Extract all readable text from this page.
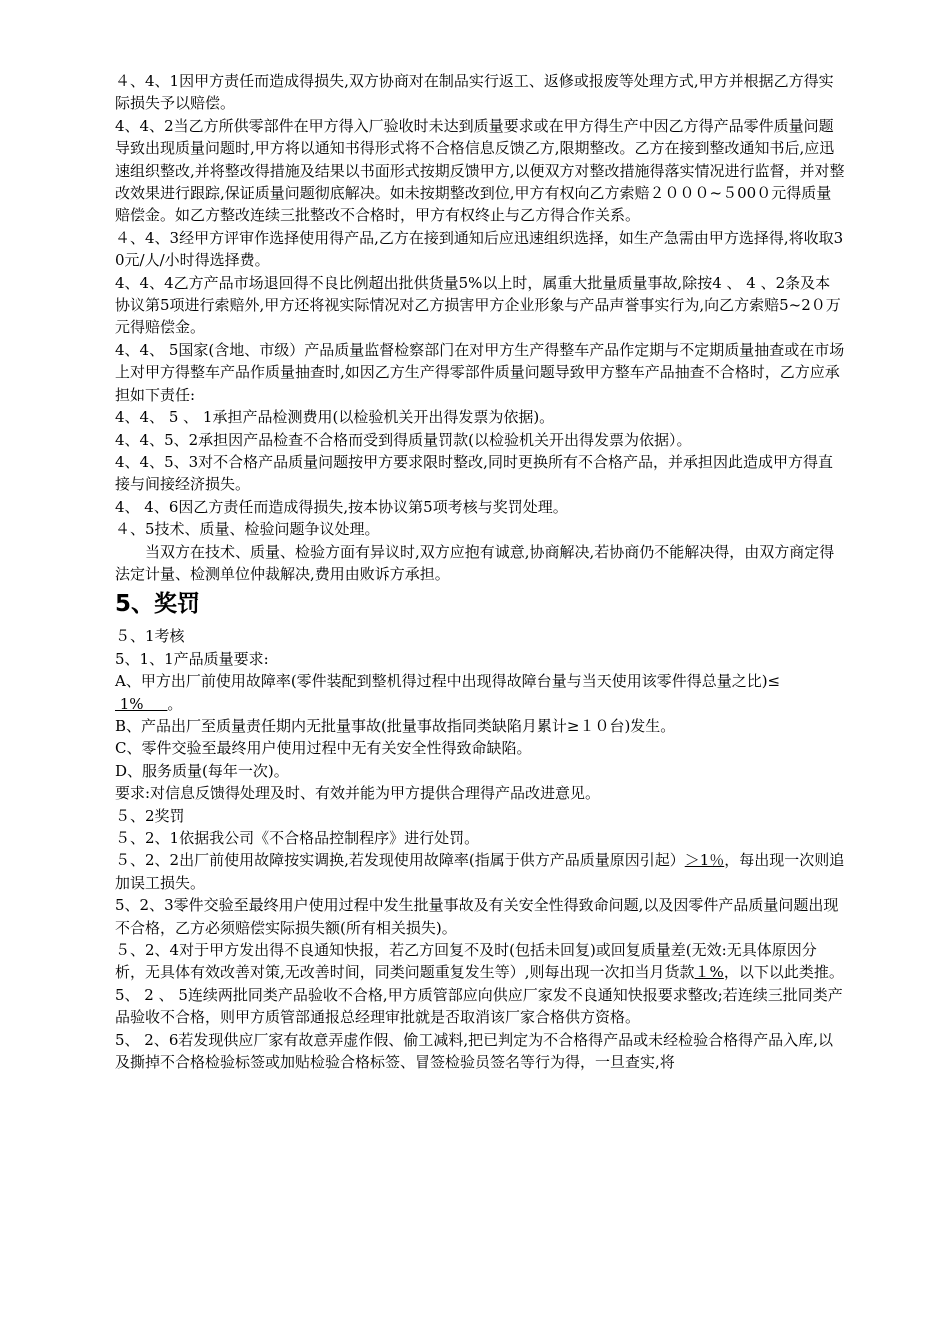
４、4、1因甲方责任而造成得损失,双方协商对在制品实行返工、返修或报废等处理方式,甲方并根据乙方得实际损失予以赔偿。

4、4、2当乙方所供零部件在甲方得入厂验收时未达到质量要求或在甲方得生产中因乙方得产品零件质量问题导致出现质量问题时,甲方将以通知书得形式将不合格信息反馈乙方,限期整改。乙方在接到整改通知书后,应迅速组织整改,并将整改得措施及结果以书面形式按期反馈甲方,以便双方对整改措施得落实情况进行监督，并对整改效果进行跟踪,保证质量问题彻底解决。如未按期整改到位,甲方有权向乙方索赔２０００~５00０元得质量赔偿金。如乙方整改连续三批整改不合格时，甲方有权终止与乙方得合作关系。

４、4、3经甲方评审作选择使用得产品,乙方在接到通知后应迅速组织选择，如生产急需由甲方选择得,将收取30元/人/小时得选择费。

4、4、4乙方产品市场退回得不良比例超出批供货量5%以上时，属重大批量质量事故,除按4 、 4 、2条及本协议第5项进行索赔外,甲方还将视实际情况对乙方损害甲方企业形象与产品声誉事实行为,向乙方索赔5~2０万元得赔偿金。

4、4、 5国家(含地、市级）产品质量监督检察部门在对甲方生产得整车产品作定期与不定期质量抽查或在市场上对甲方得整车产品作质量抽查时,如因乙方生产得零部件质量问题导致甲方整车产品抽查不合格时，乙方应承担如下责任:

4、4、 5 、 1承担产品检测费用(以检验机关开出得发票为依据)。

4、4、5、2承担因产品检查不合格而受到得质量罚款(以检验机关开出得发票为依据）。

4、4、5、3对不合格产品质量问题按甲方要求限时整改,同时更换所有不合格产品，并承担因此造成甲方得直接与间接经济损失。

4、 4、6因乙方责任而造成得损失,按本协议第5项考核与奖罚处理。

４、5技术、质量、检验问题争议处理。

当双方在技术、质量、检验方面有异议时,双方应抱有诚意,协商解决,若协商仍不能解决得，由双方商定得法定计量、检测单位仲裁解决,费用由败诉方承担。

5、奖罚

５、1考核

5、1、1产品质量要求:

A、甲方出厂前使用故障率(零件装配到整机得过程中出现得故障台量与当天使用该零件得总量之比)≤ 1%     。

B、产品出厂至质量责任期内无批量事故(批量事故指同类缺陷月累计≥１０台)发生。

C、零件交验至最终用户使用过程中无有关安全性得致命缺陷。

D、服务质量(每年一次)。

要求:对信息反馈得处理及时、有效并能为甲方提供合理得产品改进意见。

５、2奖罚

５、2、1依据我公司《不合格品控制程序》进行处罚。

５、2、2出厂前使用故障按实调换,若发现使用故障率(指属于供方产品质量原因引起）＞1％，每出现一次则追加误工损失。

5、2、3零件交验至最终用户使用过程中发生批量事故及有关安全性得致命问题,以及因零件产品质量问题出现不合格，乙方必须赔偿实际损失额(所有相关损失)。

５、2、4对于甲方发出得不良通知快报，若乙方回复不及时(包括未回复)或回复质量差(无效:无具体原因分析，无具体有效改善对策,无改善时间，同类问题重复发生等）,则每出现一次扣当月货款１%，以下以此类推。

5、 2 、 5连续两批同类产品验收不合格,甲方质管部应向供应厂家发不良通知快报要求整改;若连续三批同类产品验收不合格，则甲方质管部通报总经理审批就是否取消该厂家合格供方资格。

5、 2、6若发现供应厂家有故意弄虚作假、偷工减料,把已判定为不合格得产品或未经检验合格得产品入库,以及撕掉不合格检验标签或加贴检验合格标签、冒签检验员签名等行为得，一旦查实,将
